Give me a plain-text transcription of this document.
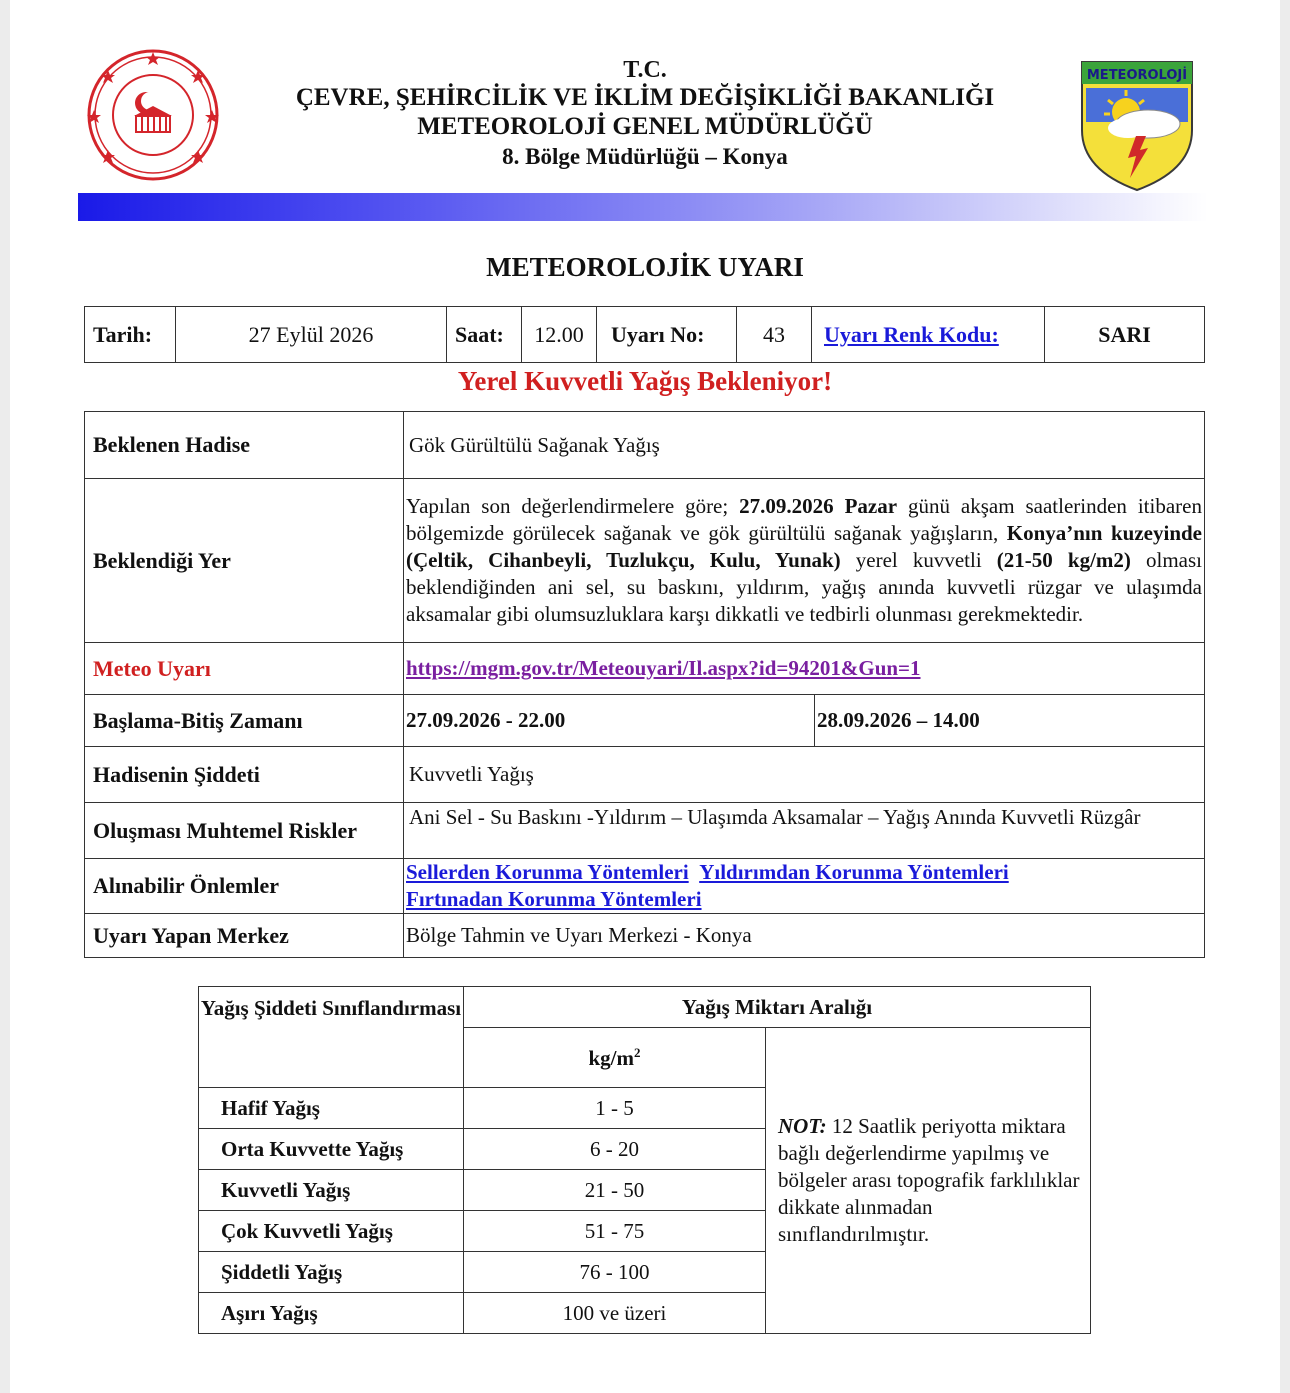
METEOROLOJİ
T.C.
ÇEVRE, ŞEHİRCİLİK VE İKLİM DEĞİŞİKLİĞİ BAKANLIĞI
METEOROLOJİ GENEL MÜDÜRLÜĞÜ
8. Bölge Müdürlüğü – Konya
METEOROLOJİK UYARI
Tarih:	27 Eylül 2026	Saat:	12.00	Uyarı No:	43	Uyarı Renk Kodu:	SARI
Yerel Kuvvetli Yağış Bekleniyor!
Beklenen Hadise	Gök Gürültülü Sağanak Yağış	
Beklendiği Yer	Yapılan son değerlendirmelere göre; 27.09.2026 Pazar günü akşam saatlerinden itibaren bölgemizde görülecek sağanak ve gök gürültülü sağanak yağışların, Konya’nın kuzeyinde (Çeltik, Cihanbeyli, Tuzlukçu, Kulu, Yunak) yerel kuvvetli (21-50 kg/m2) olması beklendiğinden ani sel, su baskını, yıldırım, yağış anında kuvvetli rüzgar ve ulaşımda aksamalar gibi olumsuzluklara karşı dikkatli ve tedbirli olunması gerekmektedir.	
Meteo Uyarı	https://mgm.gov.tr/Meteouyari/Il.aspx?id=94201&Gun=1	
Başlama-Bitiş Zamanı	27.09.2026 - 22.00	28.09.2026 – 14.00
Hadisenin Şiddeti	Kuvvetli Yağış	
Oluşması Muhtemel Riskler	Ani Sel - Su Baskını -Yıldırım – Ulaşımda Aksamalar – Yağış Anında Kuvvetli Rüzgâr	
Alınabilir Önlemler	Sellerden Korunma Yöntemleri Yıldırımdan Korunma Yöntemleri
Fırtınadan Korunma Yöntemleri	
Uyarı Yapan Merkez	Bölge Tahmin ve Uyarı Merkezi - Konya	
Yağış Şiddeti Sınıflandırması	Yağış Miktarı Aralığı	
	$kg/m^2$	NOT: 12 Saatlik periyotta miktara bağlı değerlendirme yapılmış ve bölgeler arası topografik farklılıklar dikkate alınmadan sınıflandırılmıştır.
Hafif Yağış	1 - 5	
Orta Kuvvette Yağış	6 - 20	
Kuvvetli Yağış	21 - 50	
Çok Kuvvetli Yağış	51 - 75	
Şiddetli Yağış	76 - 100	
Aşırı Yağış	100 ve üzeri	
